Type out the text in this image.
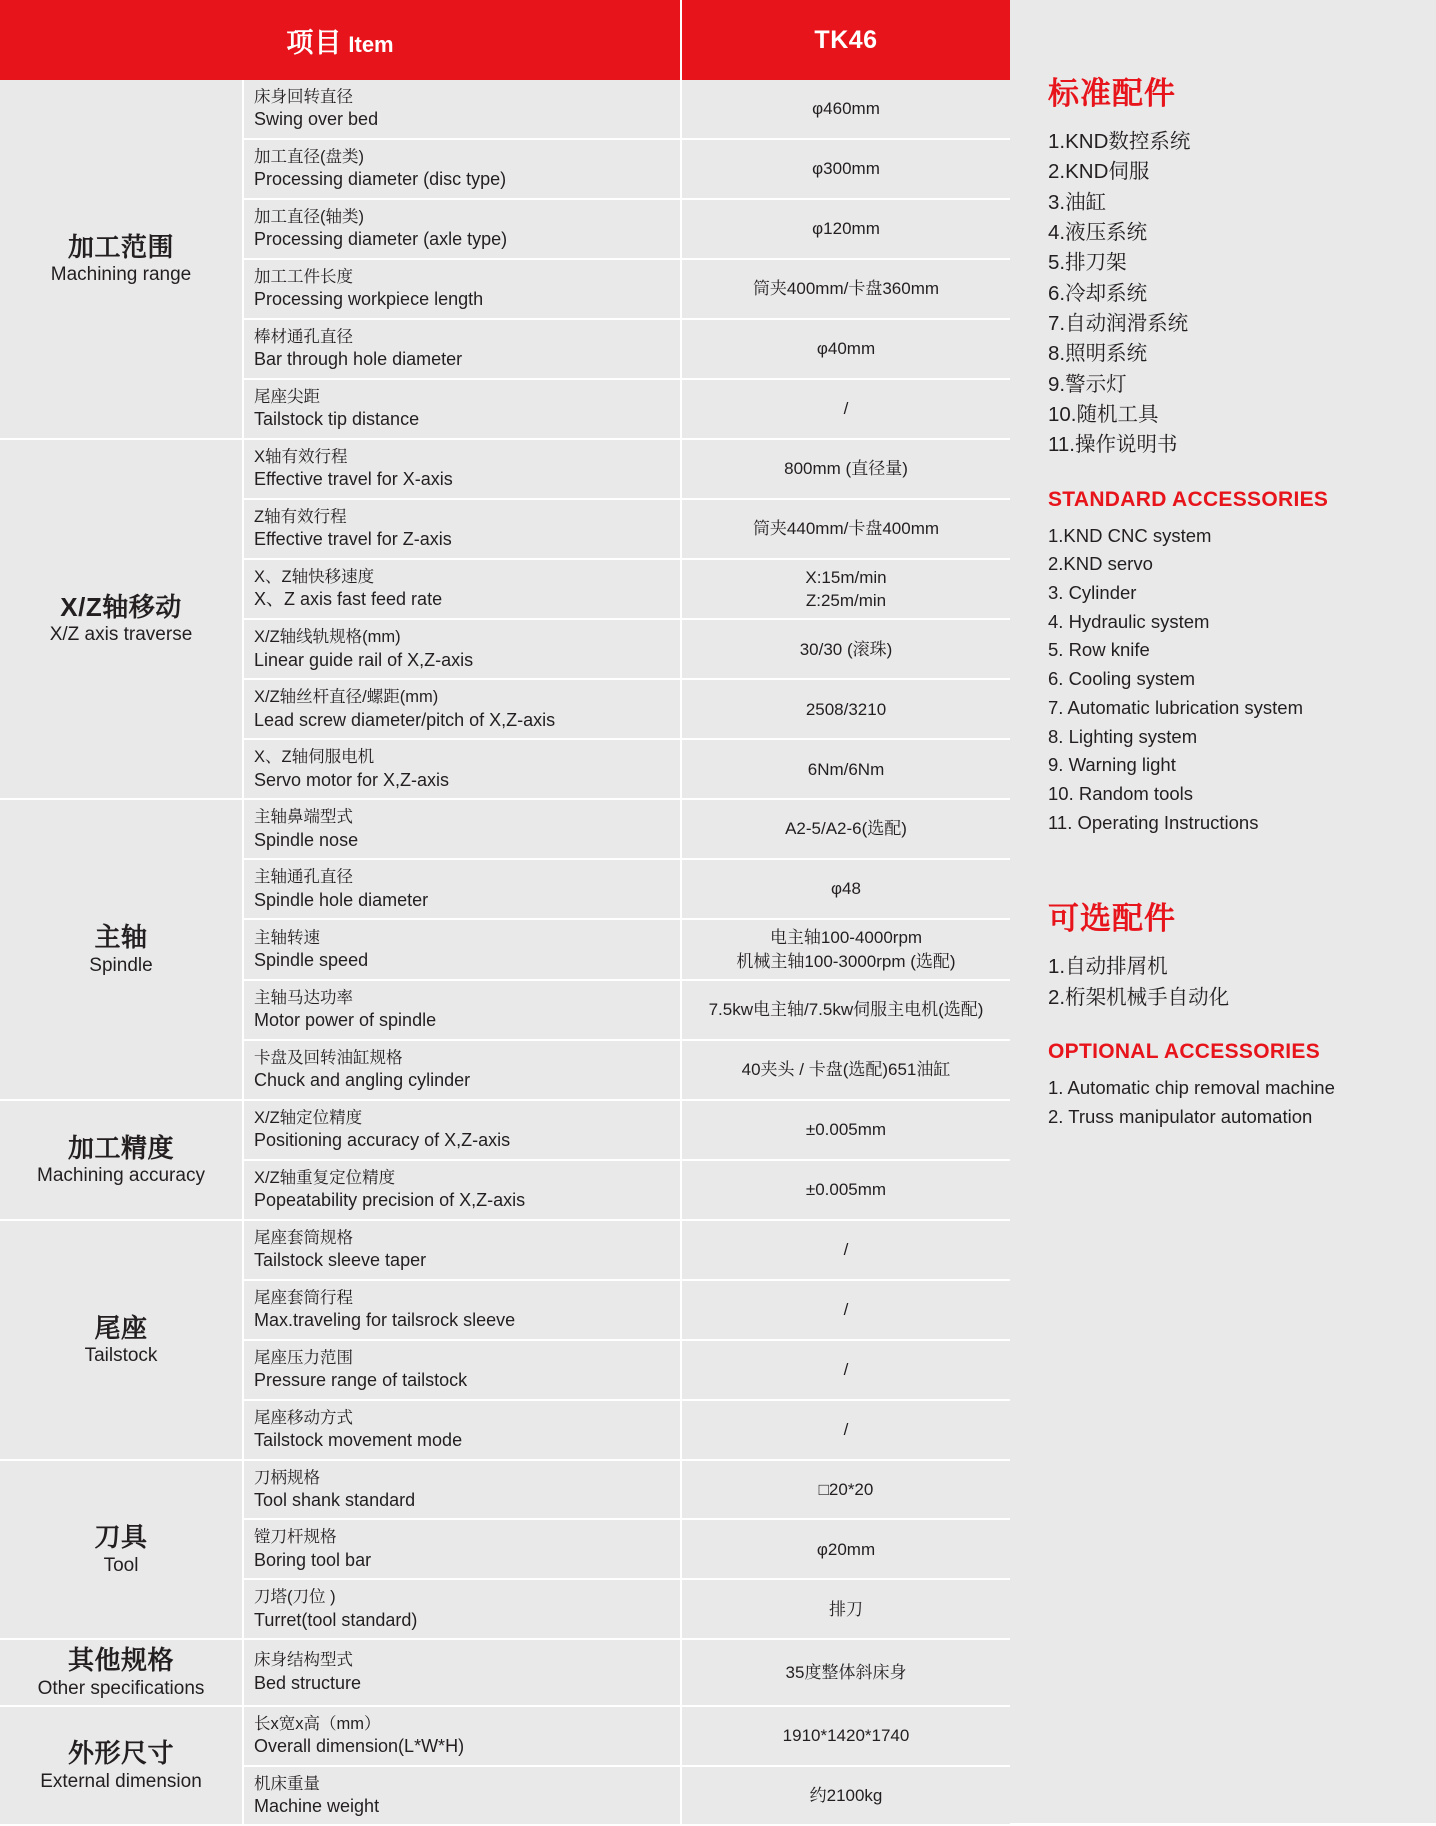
项目 Item		TK46

加工范围
Machining range	床身回转直径
Swing over bed	φ460mm

	加工直径(盘类)
Processing diameter (disc type)	φ300mm

	加工直径(轴类)
Processing diameter (axle type)	φ120mm

	加工工件长度
Processing workpiece length	筒夹400mm/卡盘360mm

	棒材通孔直径
Bar through hole diameter	φ40mm

	尾座尖距
Tailstock tip distance	/

X/Z轴移动
X/Z axis traverse	X轴有效行程
Effective travel for X-axis	800mm (直径量)

	Z轴有效行程
Effective travel for Z-axis	筒夹440mm/卡盘400mm

	X、Z轴快移速度
X、Z axis fast feed rate	X:15m/min
Z:25m/min

	X/Z轴线轨规格(mm)
Linear guide rail of X,Z-axis	30/30 (滚珠)

	X/Z轴丝杆直径/螺距(mm)
Lead screw diameter/pitch of X,Z-axis	2508/3210

	X、Z轴伺服电机
Servo motor for X,Z-axis	6Nm/6Nm

主轴
Spindle	主轴鼻端型式
Spindle nose	A2-5/A2-6(选配)

	主轴通孔直径
Spindle hole diameter	φ48

	主轴转速
Spindle speed	电主轴100-4000rpm
机械主轴100-3000rpm (选配)

	主轴马达功率
Motor power of spindle	7.5kw电主轴/7.5kw伺服主电机(选配)

	卡盘及回转油缸规格
Chuck and angling cylinder	40夹头 / 卡盘(选配)651油缸

加工精度
Machining accuracy	X/Z轴定位精度
Positioning accuracy of X,Z-axis	±0.005mm

	X/Z轴重复定位精度
Popeatability precision of X,Z-axis	±0.005mm

尾座
Tailstock	尾座套筒规格
Tailstock sleeve taper	/

	尾座套筒行程
Max.traveling for tailsrock sleeve	/

	尾座压力范围
Pressure range of tailstock	/

	尾座移动方式
Tailstock movement mode	/

刀具
Tool	刀柄规格
Tool shank standard	□20*20

	镗刀杆规格
Boring tool bar	φ20mm

	刀塔(刀位 )
Turret(tool standard)	排刀

其他规格
Other specifications	床身结构型式
Bed structure	35度整体斜床身

外形尺寸
External dimension	长x宽x高（mm）
Overall dimension(L*W*H)	1910*1420*1740

	机床重量
Machine weight	约2100kg
标准配件
1.KND数控系统
2.KND伺服
3.油缸
4.液压系统
5.排刀架
6.冷却系统
7.自动润滑系统
8.照明系统
9.警示灯
10.随机工具
11.操作说明书
STANDARD ACCESSORIES
1.KND CNC system
2.KND servo
3. Cylinder
4. Hydraulic system
5. Row knife
6. Cooling system
7. Automatic lubrication system
8. Lighting system
9. Warning light
10. Random tools
11. Operating Instructions
可选配件
1.自动排屑机
2.桁架机械手自动化
OPTIONAL ACCESSORIES
1. Automatic chip removal machine
2. Truss manipulator automation
